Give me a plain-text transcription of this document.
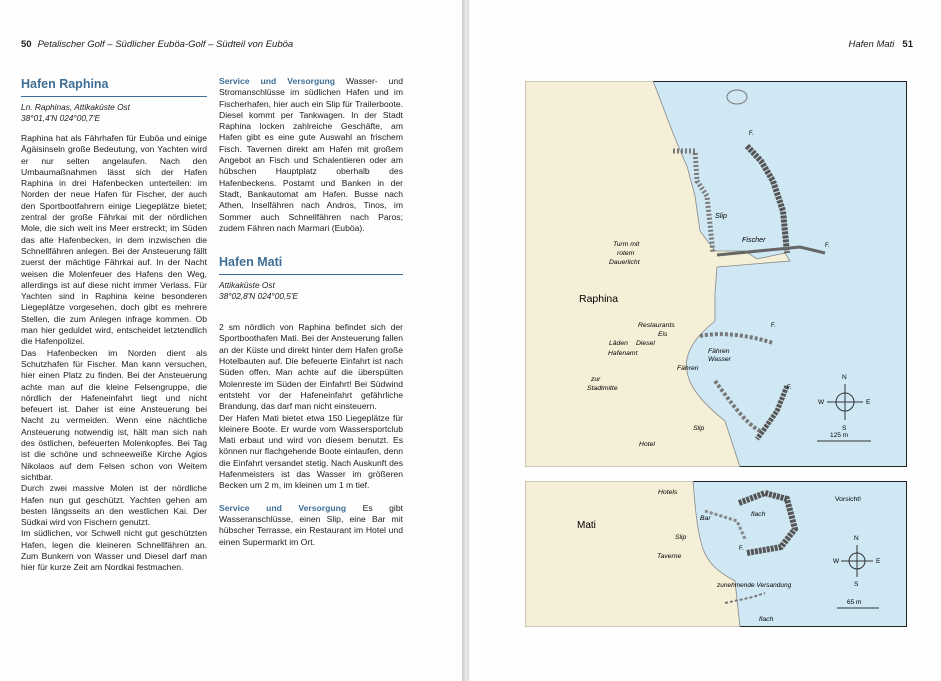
50 Petalischer Golf – Südlicher Euböa-Golf – Südteil von Euböa
Hafen Raphina
Ln. Raphinas, Attikaküste Ost
38°01,4'N 024°00,7'E

Raphina hat als Fährhafen für Euböa und einige Ägäisinseln große Bedeutung, von Yachten wird er nur selten angelaufen. Nach den Umbaumaßnahmen lässt sich der Hafen Raphina in drei Hafenbecken unterteilen: im Norden der neue Hafen für Fischer, der auch den Sportbootfahrern einige Liegeplätze bietet; zentral der große Fährkai mit der nördlichen Mole, die sich weit ins Meer erstreckt; im Süden das alte Hafenbecken, in dem inzwischen die Schnellfähren anlegen. Bei der Ansteuerung fällt zuerst der mächtige Fährkai auf. In der Nacht weisen die Molenfeuer des Hafens den Weg, allerdings ist auf diese nicht immer Verlass. Für Yachten sind in Raphina keine besonderen Liegeplätze vorgesehen, doch gibt es mehrere Stellen, die zum Anlegen infrage kommen. Ob man hier geduldet wird, entscheidet letztendlich die Hafenpolizei.

Das Hafenbecken im Norden dient als Schutzhafen für Fischer. Man kann versuchen, hier einen Platz zu finden. Bei der Ansteuerung achte man auf die kleine Felsengruppe, die nördlich der Hafeneinfahrt liegt und nicht befeuert ist. Daher ist eine Ansteuerung bei Nacht zu vermeiden. Wenn eine nächtliche Ansteuerung notwendig ist, hält man sich nah des östlichen, befeuerten Molenkopfes. Bei Tag ist die schöne und schneeweiße Kirche Agios Nikolaos auf dem Felsen schon von Weitem sichtbar.

Durch zwei massive Molen ist der nördliche Hafen nun gut geschützt. Yachten gehen am besten längsseits an den westlichen Kai. Der Südkai wird von Fischern genutzt.

Im südlichen, vor Schwell nicht gut geschützten Hafen, legen die kleineren Schnellfähren an. Zum Bunkern von Wasser und Diesel darf man hier für kurze Zeit am Nordkai festmachen.

Service und Versorgung Wasser- und Stromanschlüsse im südlichen Hafen und im Fischerhafen, hier auch ein Slip für Trailerboote. Diesel kommt per Tankwagen. In der Stadt Raphina locken zahlreiche Geschäfte, am Hafen gibt es eine gute Auswahl an frischem Fisch. Tavernen direkt am Hafen mit großem Angebot an Fisch und Schalentieren oder am hübschen Hauptplatz oberhalb des Hafenbeckens. Postamt und Banken in der Stadt, Bankautomat am Hafen. Busse nach Athen, Inselfähren nach Andros, Tinos, im Sommer auch Schnellfähren nach Paros; zudem Fähren nach Marmari (Euböa).

Hafen Mati
Attikaküste Ost
38°02,8'N 024°00,5'E

2 sm nördlich von Raphina befindet sich der Sportboothafen Mati. Bei der Ansteuerung fallen an der Küste und direkt hinter dem Hafen große Hotelbauten auf. Die befeuerte Einfahrt ist nach Süden offen. Man achte auf die überspülten Molenreste im Süden der Einfahrt! Bei Südwind entsteht vor der Hafeneinfahrt gefährliche Brandung, das darf man nicht einsteuern.

Der Hafen Mati bietet etwa 150 Liegeplätze für kleinere Boote. Er wurde vom Wassersportclub Mati erbaut und wird von diesem benutzt. Es können nur flachgehende Boote einlaufen, denn die Einfahrt versandet stetig. Nach Auskunft des Hafenmeisters ist das Wasser im größeren Becken um 2 m, im kleinen um 1 m tief.

Service und Versorgung Es gibt Wasseranschlüsse, einen Slip, eine Bar mit hübscher Terrasse, ein Restaurant im Hotel und einen Supermarkt im Ort.

Hafen Mati 51
Slip
Fischer
Turm mit
rotem
Dauerlicht
Raphina
Restaurants
Eis
Läden Diesel
Hafenamt
Fähren
Fähren
Wasser
zur
Stadtmitte
Slip
Hotel
F.
F.
F.
F.
N
S
E
W
125 m
Mati
Vorsicht!
Hotels
Bar
flach
Slip
Taverne
zunehmende Versandung
flach
F.
N
S
E
W
65 m
